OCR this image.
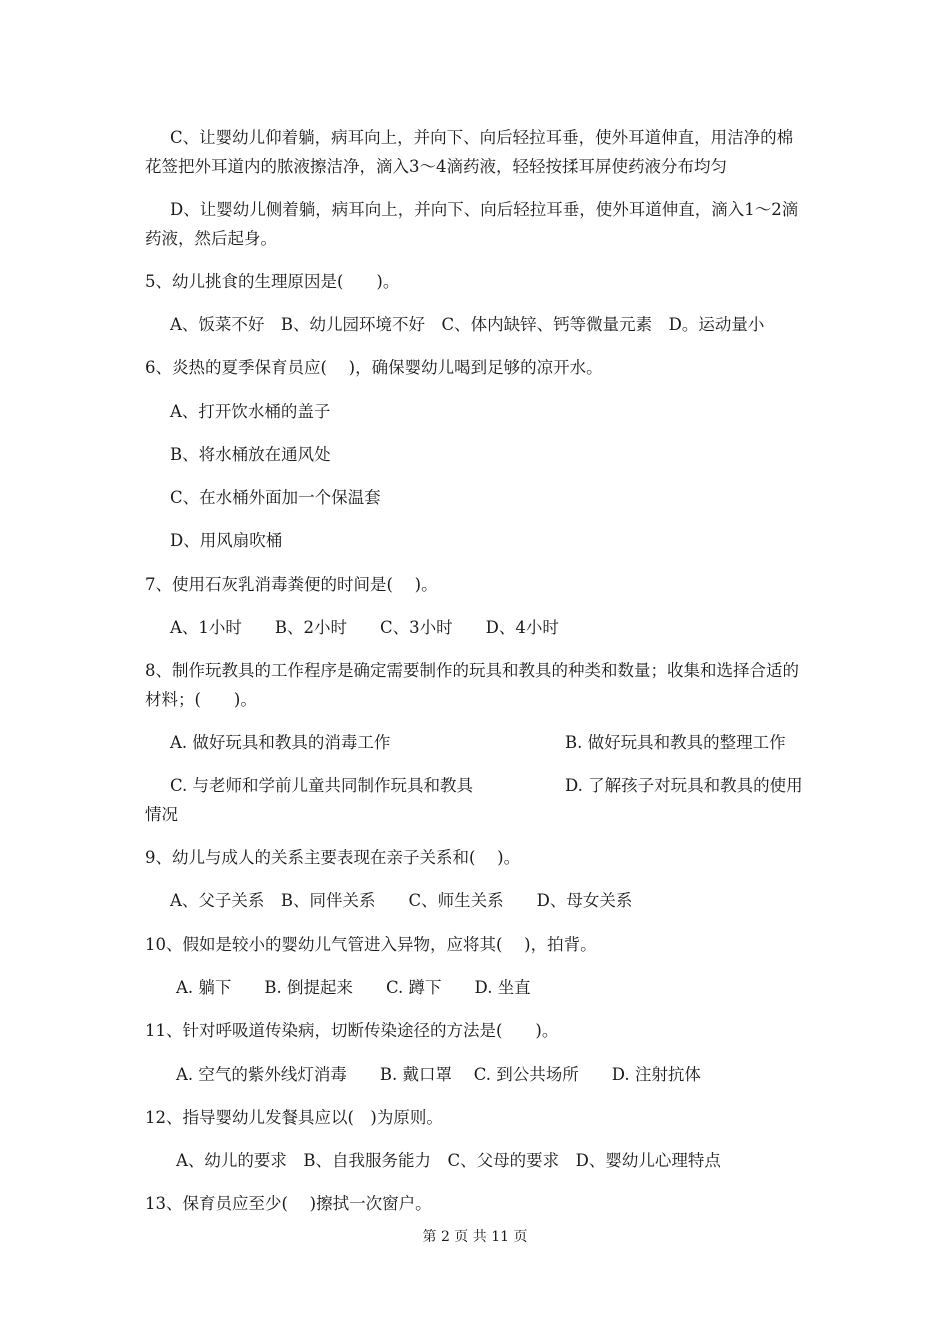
C、让婴幼儿仰着躺，病耳向上，并向下、向后轻拉耳垂，使外耳道伸直，用洁净的棉
花签把外耳道内的脓液擦洁净，滴入3～4滴药液，轻轻按揉耳屏使药液分布均匀
D、让婴幼儿侧着躺，病耳向上，并向下、向后轻拉耳垂，使外耳道伸直，滴入1～2滴
药液，然后起身。
5、幼儿挑食的生理原因是(　　)。
A、饭菜不好　B、幼儿园环境不好　C、体内缺锌、钙等微量元素　D。运动量小
6、炎热的夏季保育员应(　 )，确保婴幼儿喝到足够的凉开水。
A、打开饮水桶的盖子
B、将水桶放在通风处
C、在水桶外面加一个保温套
D、用风扇吹桶
7、使用石灰乳消毒粪便的时间是(　 )。
A、1小时　　B、2小时　　C、3小时　　D、4小时
8、制作玩教具的工作程序是确定需要制作的玩具和教具的种类和数量；收集和选择合适的
材料；(　　)。
A. 做好玩具和教具的消毒工作	B. 做好玩具和教具的整理工作
C. 与老师和学前儿童共同制作玩具和教具	D. 了解孩子对玩具和教具的使用
情况
9、幼儿与成人的关系主要表现在亲子关系和(　 )。
A、父子关系　B、同伴关系　　C、师生关系　　D、母女关系
10、假如是较小的婴幼儿气管进入异物，应将其(　 )，拍背。
A. 躺下　　B. 倒提起来　　C. 蹲下　　D. 坐直
11、针对呼吸道传染病，切断传染途径的方法是(　　)。
A. 空气的紫外线灯消毒　　B. 戴口罩　 C. 到公共场所　　D. 注射抗体
12、指导婴幼儿发餐具应以(　)为原则。
A、幼儿的要求　B、自我服务能力　C、父母的要求　D、婴幼儿心理特点
13、保育员应至少(　 )擦拭一次窗户。
第 2 页 共 11 页
